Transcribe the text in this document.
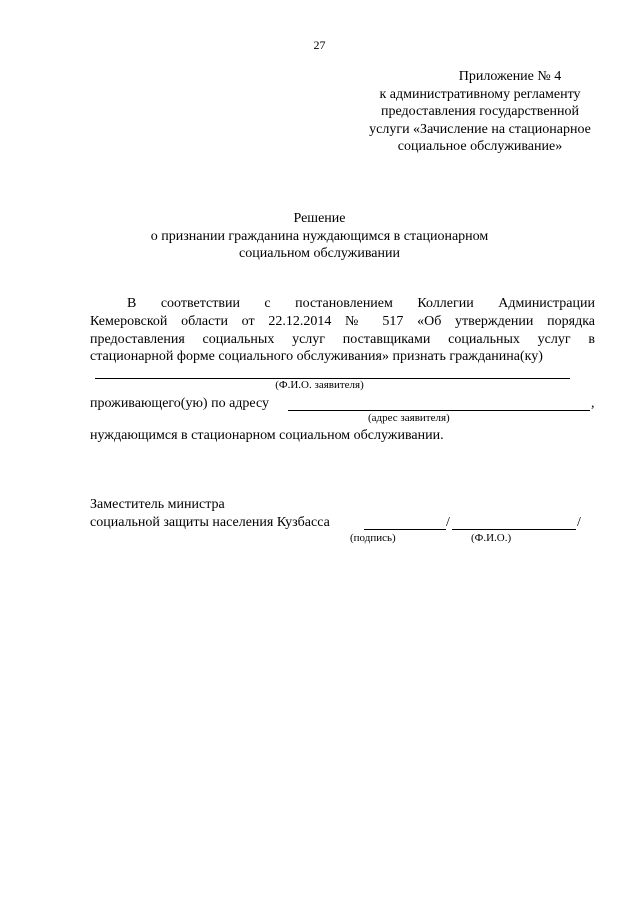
27
Приложение № 4
к административному регламенту
предоставления государственной
услуги «Зачисление на стационарное
социальное обслуживание»
Решение
о признании гражданина нуждающимся в стационарном
социальном обслуживании
В соответствии с постановлением Коллегии Администрации
Кемеровской области от 22.12.2014 № 517 «Об утверждении порядка
предоставления социальных услуг поставщиками социальных услуг в
стационарной форме социального обслуживания» признать гражданина(ку)
(Ф.И.О. заявителя)
проживающего(ую) по адресу	,
(адрес заявителя)
нуждающимся в стационарном социальном обслуживании.
Заместитель министра
социальной защиты населения Кузбасса	/	/
(подпись)	(Ф.И.О.)
